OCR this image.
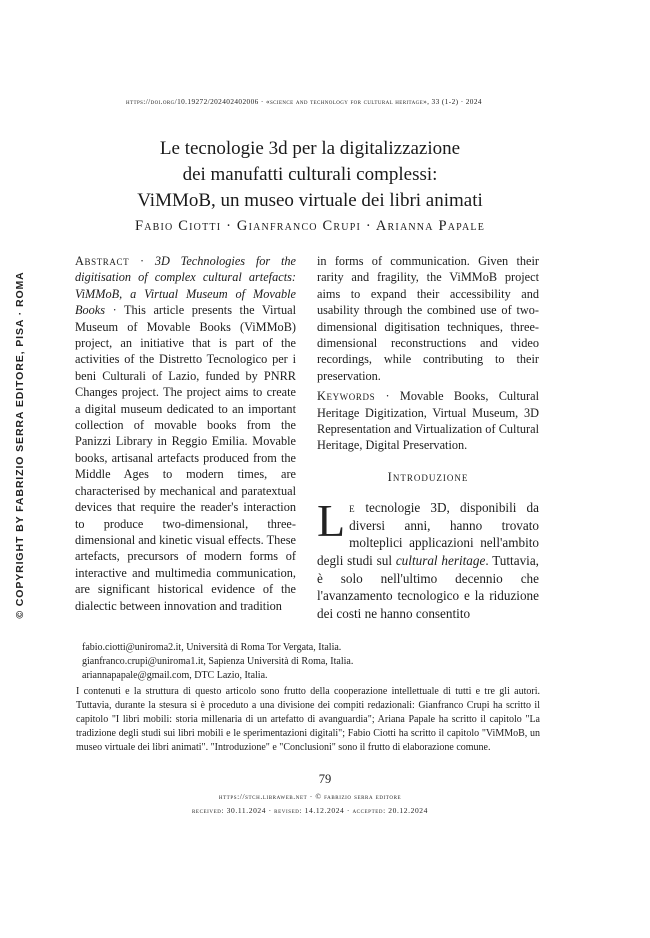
https://doi.org/10.19272/202402402006 · «science and technology for cultural heritage», 33 (1-2) · 2024
Le tecnologie 3d per la digitalizzazione
dei manufatti culturali complessi:
ViMMoB, un museo virtuale dei libri animati
Fabio Ciotti · Gianfranco Crupi · Arianna Papale
© COPYRIGHT BY FABRIZIO SERRA EDITORE, PISA · ROMA

Abstract · 3D Technologies for the digitisation of complex cultural artefacts: ViMMoB, a Virtual Museum of Movable Books · This article presents the Virtual Museum of Movable Books (ViMMoB) project, an initiative that is part of the activities of the Distretto Tecnologico per i beni Culturali of Lazio, funded by PNRR Changes project. The project aims to create a digital museum dedicated to an important collection of movable books from the Panizzi Library in Reggio Emilia. Movable books, artisanal artefacts produced from the Middle Ages to modern times, are characterised by mechanical and paratextual devices that require the reader's interaction to produce two-dimensional, three-dimensional and kinetic visual effects. These artefacts, precursors of modern forms of interactive and multimedia communication, are significant historical evidence of the dialectic between innovation and tradition

in forms of communication. Given their rarity and fragility, the ViMMoB project aims to expand their accessibility and usability through the combined use of two-dimensional digitisation techniques, three-dimensional reconstructions and video recordings, while contributing to their preservation.

Keywords · Movable Books, Cultural Heritage Digitization, Virtual Museum, 3D Representation and Virtualization of Cultural Heritage, Digital Preservation.

Introduzione

Le tecnologie 3D, disponibili da diversi anni, hanno trovato molteplici applicazioni nell'ambito degli studi sul cultural heritage. Tuttavia, è solo nell'ultimo decennio che l'avanzamento tecnologico e la riduzione dei costi ne hanno consentito

fabio.ciotti@uniroma2.it, Università di Roma Tor Vergata, Italia.
gianfranco.crupi@uniroma1.it, Sapienza Università di Roma, Italia.
ariannapapale@gmail.com, DTC Lazio, Italia.
I contenuti e la struttura di questo articolo sono frutto della cooperazione intellettuale di tutti e tre gli autori. Tuttavia, durante la stesura si è proceduto a una divisione dei compiti redazionali: Gianfranco Crupi ha scritto il capitolo "I libri mobili: storia millenaria di un artefatto di avanguardia"; Ariana Papale ha scritto il capitolo "La tradizione degli studi sui libri mobili e le sperimentazioni digitali"; Fabio Ciotti ha scritto il capitolo "ViMMoB, un museo virtuale dei libri animati". "Introduzione" e "Conclusioni" sono il frutto di elaborazione comune.
79
https://stch.libraweb.net · © fabrizio serra editore
received: 30.11.2024 · revised: 14.12.2024 · accepted: 20.12.2024
